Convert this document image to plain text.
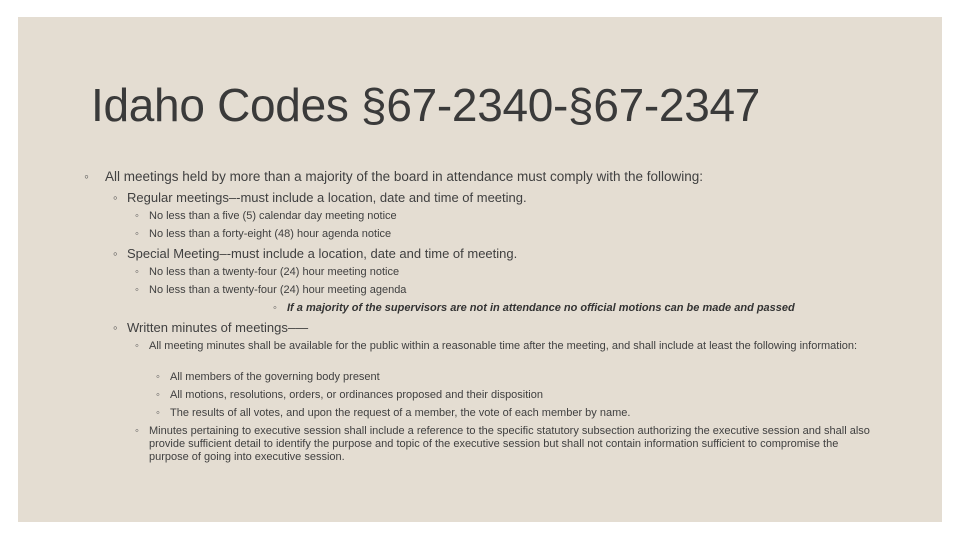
Idaho Codes §67-2340-§67-2347
◦ All meetings held by more than a majority of the board in attendance must comply with the following:
◦ Regular meetings–-must include a location, date and time of meeting.
◦ No less than a five (5) calendar day meeting notice
◦ No less than a forty-eight (48) hour agenda notice
◦ Special Meeting–-must include a location, date and time of meeting.
◦ No less than a twenty-four (24) hour meeting notice
◦ No less than a twenty-four (24) hour meeting agenda
◦ If a majority of the supervisors are not in attendance no official motions can be made and passed
◦ Written minutes of meetings–—
◦ All meeting minutes shall be available for the public within a reasonable time after the meeting, and shall include at least the following information:
◦ All members of the governing body present
◦ All motions, resolutions, orders, or ordinances proposed and their disposition
◦ The results of all votes, and upon the request of a member, the vote of each member by name.
◦ Minutes pertaining to executive session shall include a reference to the specific statutory subsection authorizing the executive session and shall also provide sufficient detail to identify the purpose and topic of the executive session but shall not contain information sufficient to compromise the purpose of going into executive session.
